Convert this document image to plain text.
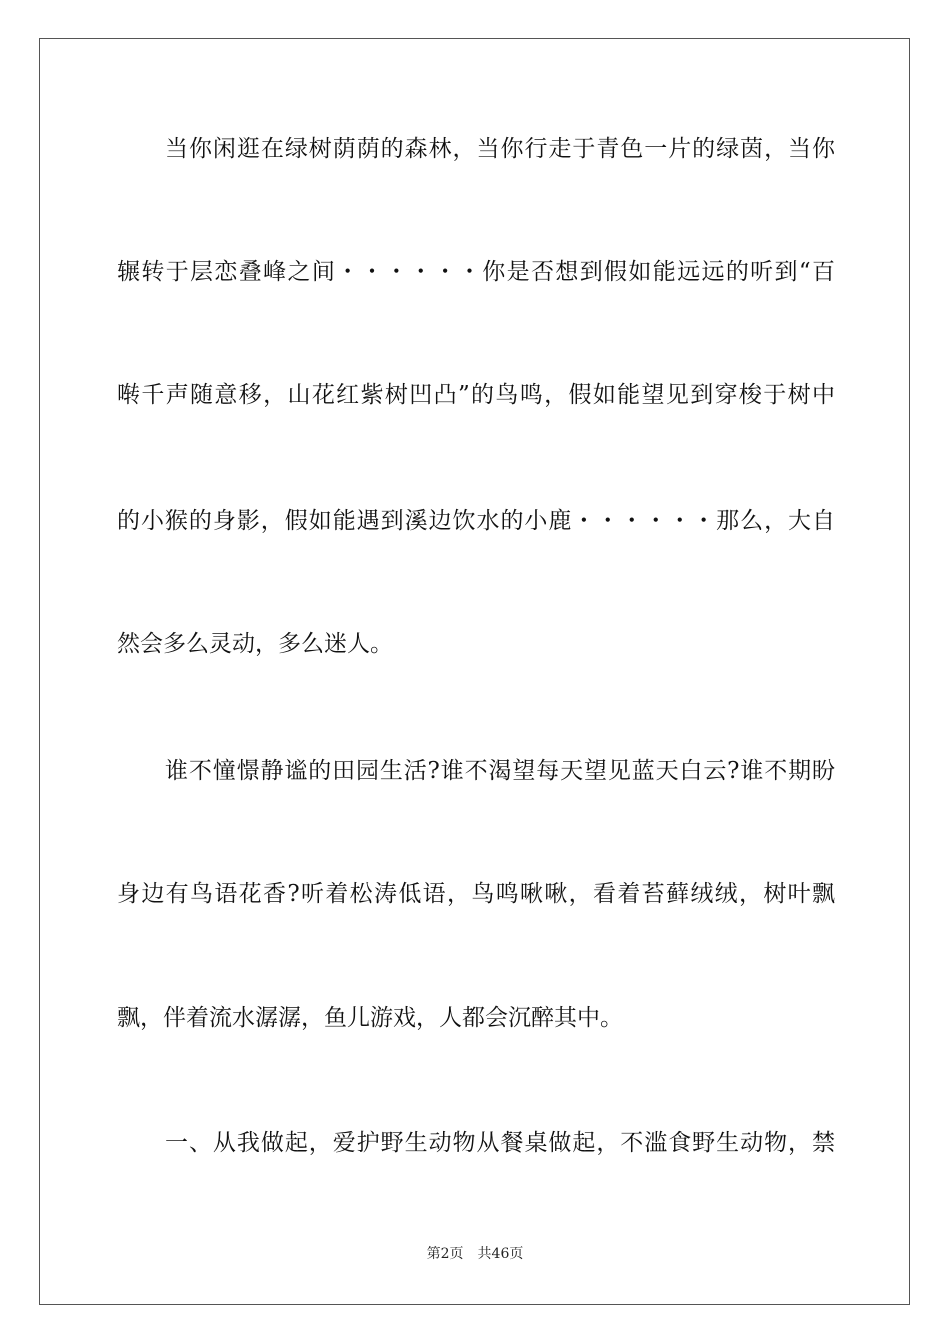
当你闲逛在绿树荫荫的森林，当你行走于青色一片的绿茵，当你
辗转于层恋叠峰之间・・・・・・你是否想到假如能远远的听到“百
啭千声随意移，山花红紫树凹凸”的鸟鸣，假如能望见到穿梭于树中
的小猴的身影，假如能遇到溪边饮水的小鹿・・・・・・那么，大自
然会多么灵动，多么迷人。
谁不憧憬静谧的田园生活?谁不渴望每天望见蓝天白云?谁不期盼
身边有鸟语花香?听着松涛低语，鸟鸣啾啾，看着苔藓绒绒，树叶飘
飘，伴着流水潺潺，鱼儿游戏，人都会沉醉其中。
一、从我做起，爱护野生动物从餐桌做起，不滥食野生动物，禁
第2页 共46页
